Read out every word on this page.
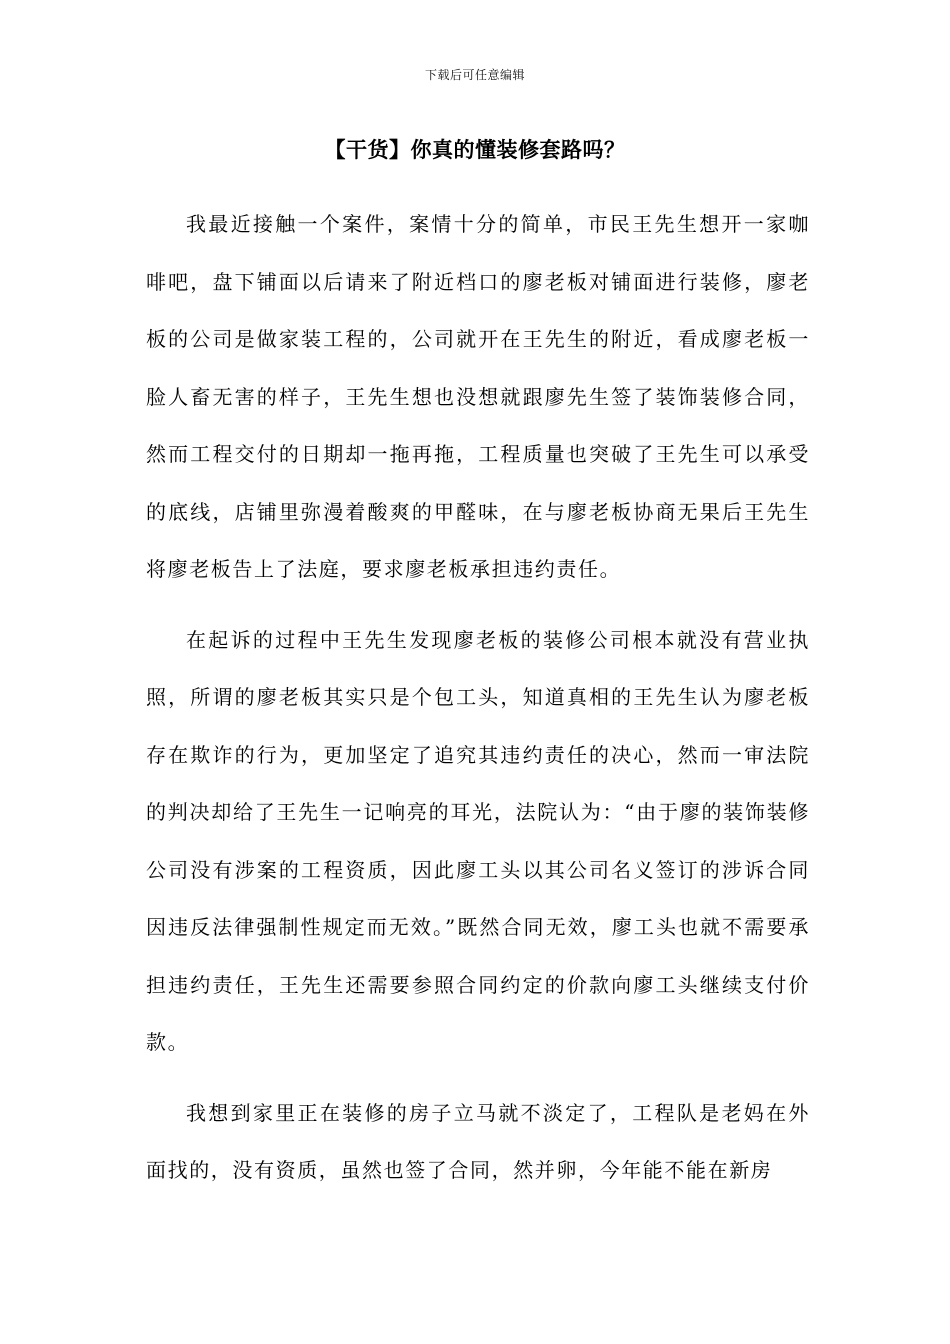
下载后可任意编辑
【干货】你真的懂装修套路吗？

我最近接触一个案件，案情十分的简单，市民王先生想开一家咖啡吧，盘下铺面以后请来了附近档口的廖老板对铺面进行装修，廖老板的公司是做家装工程的，公司就开在王先生的附近，看成廖老板一脸人畜无害的样子，王先生想也没想就跟廖先生签了装饰装修合同，然而工程交付的日期却一拖再拖，工程质量也突破了王先生可以承受的底线，店铺里弥漫着酸爽的甲醛味，在与廖老板协商无果后王先生将廖老板告上了法庭，要求廖老板承担违约责任。

在起诉的过程中王先生发现廖老板的装修公司根本就没有营业执照，所谓的廖老板其实只是个包工头，知道真相的王先生认为廖老板存在欺诈的行为，更加坚定了追究其违约责任的决心，然而一审法院的判决却给了王先生一记响亮的耳光，法院认为：“由于廖的装饰装修公司没有涉案的工程资质，因此廖工头以其公司名义签订的涉诉合同因违反法律强制性规定而无效。”既然合同无效，廖工头也就不需要承担违约责任，王先生还需要参照合同约定的价款向廖工头继续支付价款。

我想到家里正在装修的房子立马就不淡定了，工程队是老妈在外面找的，没有资质，虽然也签了合同，然并卵，今年能不能在新房
